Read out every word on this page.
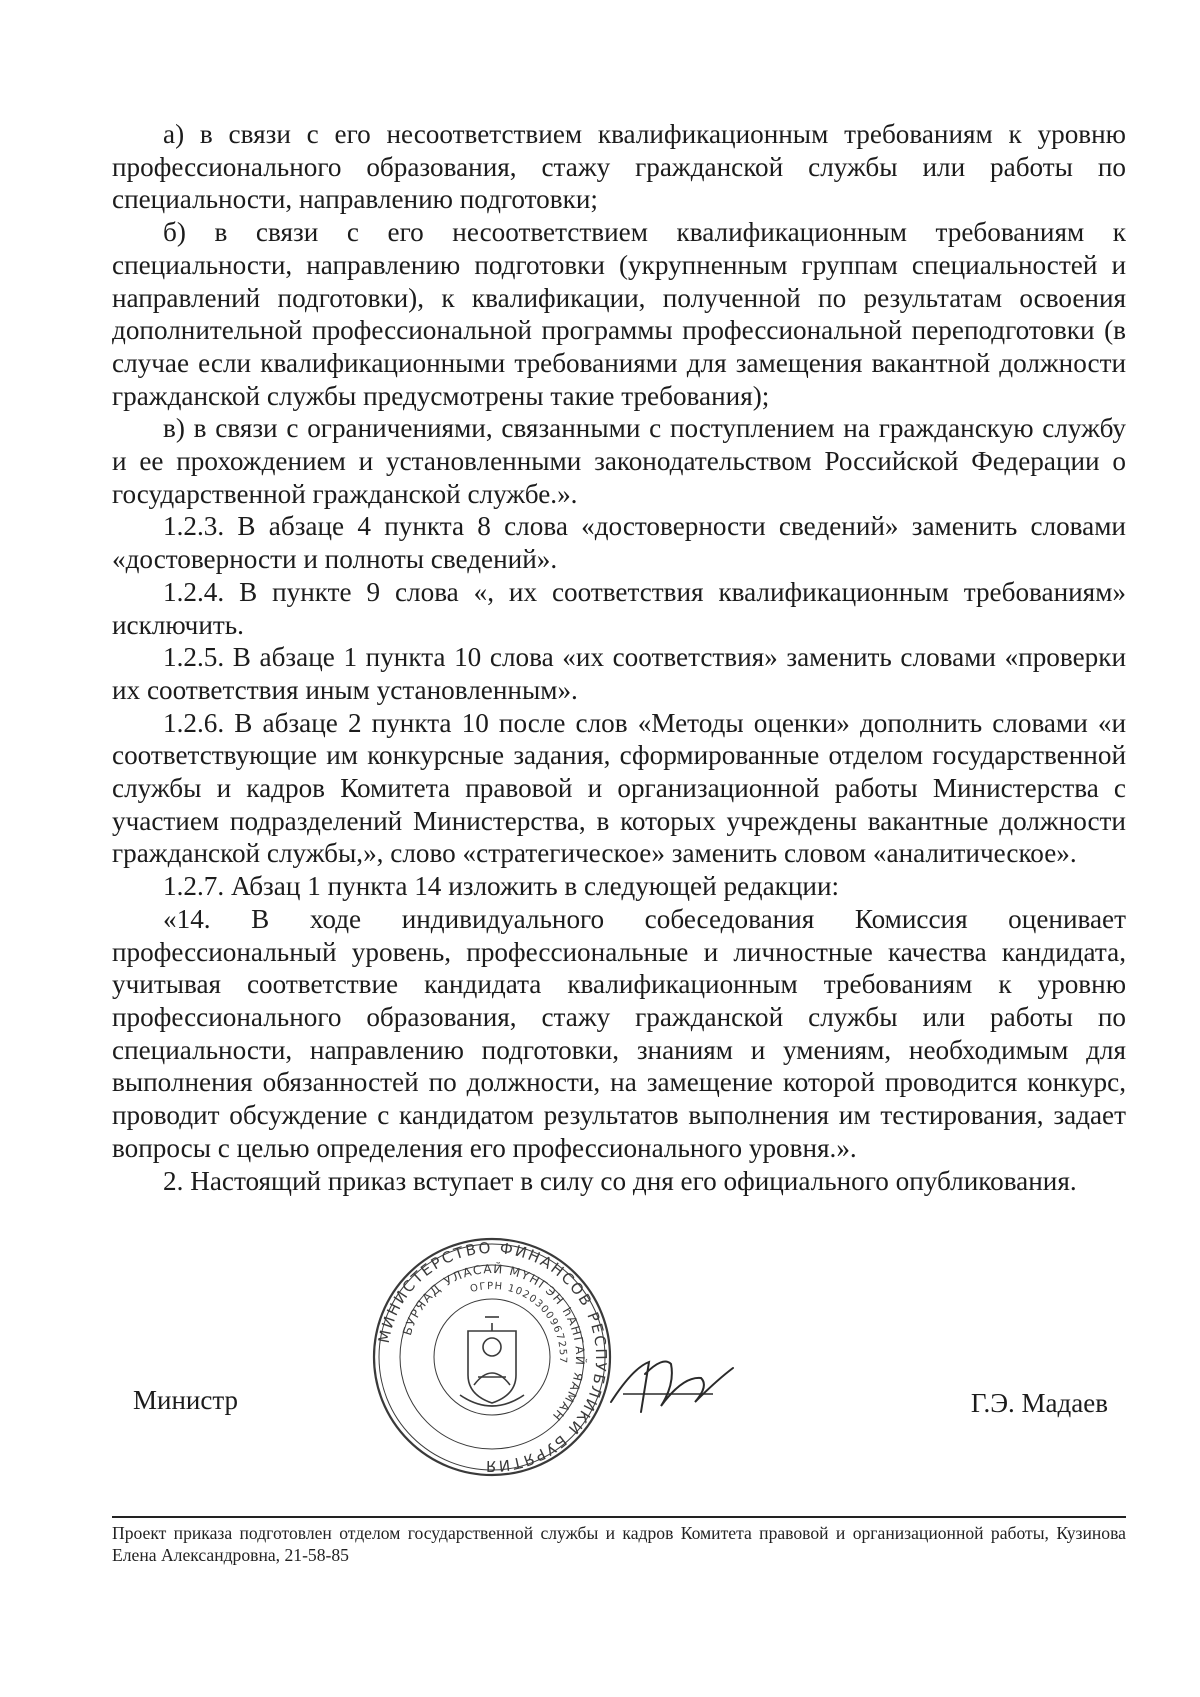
а) в связи с его несоответствием квалификационным требованиям к уровню профессионального образования, стажу гражданской службы или работы по специальности, направлению подготовки;

б) в связи с его несоответствием квалификационным требованиям к специальности, направлению подготовки (укрупненным группам специальностей и направлений подготовки), к квалификации, полученной по результатам освоения дополнительной профессиональной программы профессиональной переподготовки (в случае если квалификационными требованиями для замещения вакантной должности гражданской службы предусмотрены такие требования);

в) в связи с ограничениями, связанными с поступлением на гражданскую службу и ее прохождением и установленными законодательством Российской Федерации о государственной гражданской службе.».

1.2.3. В абзаце 4 пункта 8 слова «достоверности сведений» заменить словами «достоверности и полноты сведений».

1.2.4. В пункте 9 слова «, их соответствия квалификационным требованиям» исключить.

1.2.5. В абзаце 1 пункта 10 слова «их соответствия» заменить словами «проверки их соответствия иным установленным».

1.2.6. В абзаце 2 пункта 10 после слов «Методы оценки» дополнить словами «и соответствующие им конкурсные задания, сформированные отделом государственной службы и кадров Комитета правовой и организационной работы Министерства с участием подразделений Министерства, в которых учреждены вакантные должности гражданской службы,», слово «стратегическое» заменить словом «аналитическое».

1.2.7. Абзац 1 пункта 14 изложить в следующей редакции:

«14. В ходе индивидуального собеседования Комиссия оценивает профессиональный уровень, профессиональные и личностные качества кандидата, учитывая соответствие кандидата квалификационным требованиям к уровню профессионального образования, стажу гражданской службы или работы по специальности, направлению подготовки, знаниям и умениям, необходимым для выполнения обязанностей по должности, на замещение которой проводится конкурс, проводит обсуждение с кандидатом результатов выполнения им тестирования, задает вопросы с целью определения его профессионального уровня.».

2. Настоящий приказ вступает в силу со дня его официального опубликования.

Министр
МИНИСТЕРСТВО ФИНАНСОВ РЕСПУБЛИКИ БУРЯТИЯ
БУРЯАД УЛАСАЙ МYНГЭН hАНГАЙ ЯАМАН
ОГРН 1020300967257
Г.Э. Мадаев
Проект приказа подготовлен отделом государственной службы и кадров Комитета правовой и организационной работы, Кузинова Елена Александровна, 21-58-85
